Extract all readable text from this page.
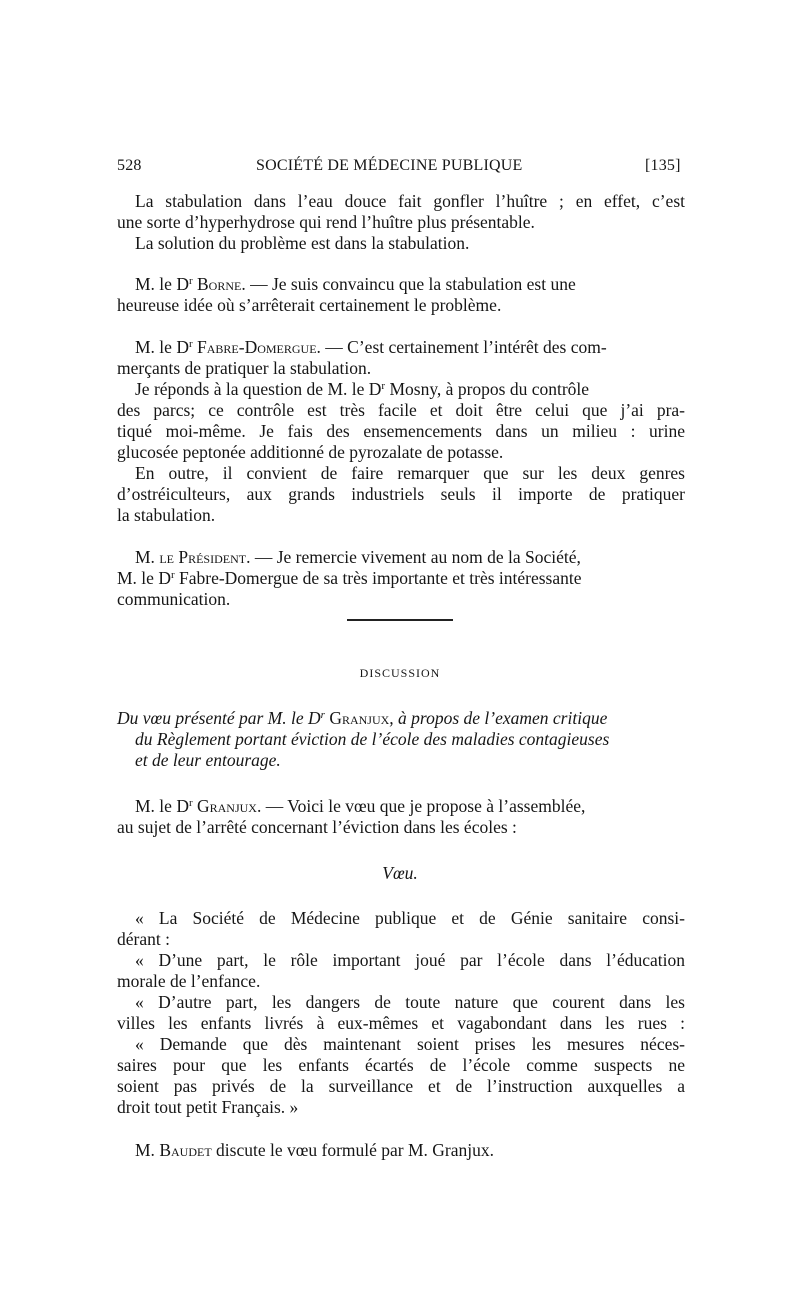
528	SOCIÉTÉ DE MÉDECINE PUBLIQUE	[135]
La stabulation dans l’eau douce fait gonfler l’huître ; en effet, c’est
une sorte d’hyperhydrose qui rend l’huître plus présentable.
La solution du problème est dans la stabulation.
M. le $D^r$ Borne. — Je suis convaincu que la stabulation est une
heureuse idée où s’arrêterait certainement le problème.
M. le $D^r$ Fabre-Domergue. — C’est certainement l’intérêt des com-
merçants de pratiquer la stabulation.
Je réponds à la question de M. le $D^r$ Mosny, à propos du contrôle
des parcs; ce contrôle est très facile et doit être celui que j’ai pra-
tiqué moi-même. Je fais des ensemencements dans un milieu : urine
glucosée peptonée additionné de pyrozalate de potasse.
En outre, il convient de faire remarquer que sur les deux genres
d’ostréiculteurs, aux grands industriels seuls il importe de pratiquer
la stabulation.
M. le Président. — Je remercie vivement au nom de la Société,
M. le $D^r$ Fabre-Domergue de sa très importante et très intéressante
communication.
DISCUSSION
Du vœu présenté par M. le $D^r$ Granjux, à propos de l’examen critique
du Règlement portant éviction de l’école des maladies contagieuses
et de leur entourage.
M. le $D^r$ Granjux. — Voici le vœu que je propose à l’assemblée,
au sujet de l’arrêté concernant l’éviction dans les écoles :
Vœu.
« La Société de Médecine publique et de Génie sanitaire consi-
dérant :
« D’une part, le rôle important joué par l’école dans l’éducation
morale de l’enfance.
« D’autre part, les dangers de toute nature que courent dans les
villes les enfants livrés à eux-mêmes et vagabondant dans les rues :
« Demande que dès maintenant soient prises les mesures néces-
saires pour que les enfants écartés de l’école comme suspects ne
soient pas privés de la surveillance et de l’instruction auxquelles a
droit tout petit Français. »
M. Baudet discute le vœu formulé par M. Granjux.
